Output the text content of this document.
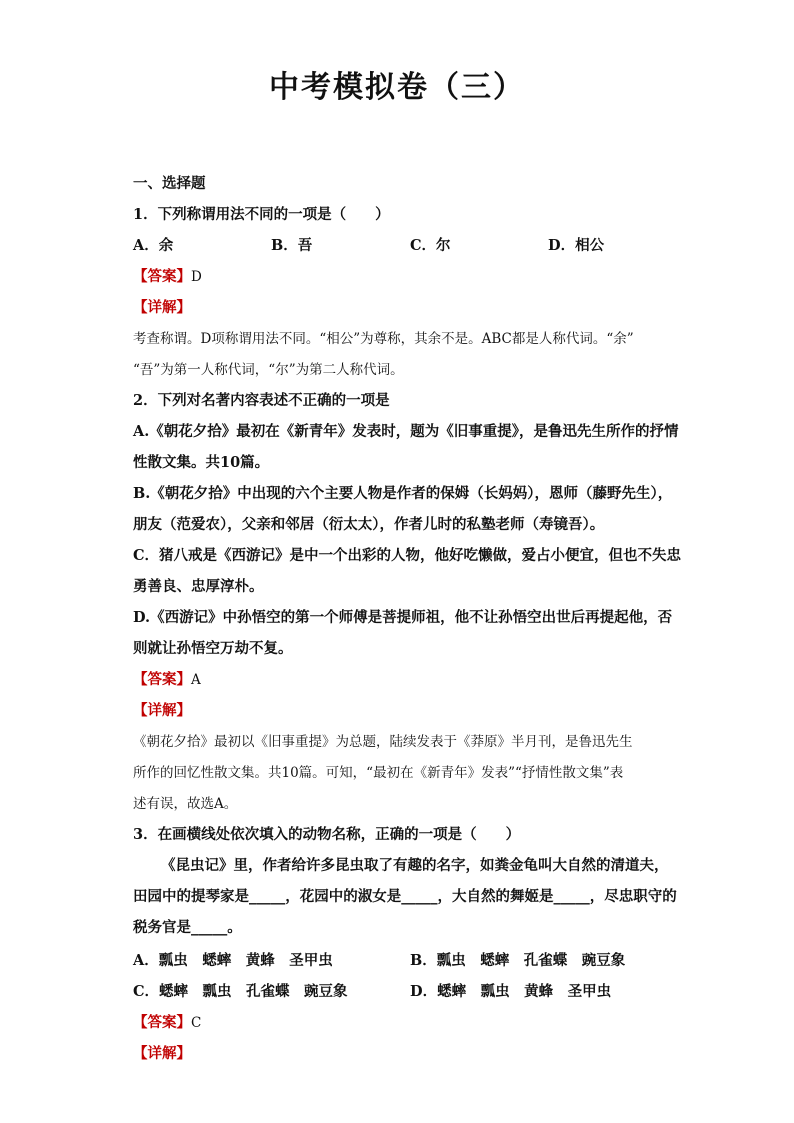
中考模拟卷（三）
一、选择题
1．下列称谓用法不同的一项是（　　）
A．余	B．吾	C．尔	D．相公
【答案】D
【详解】
考查称谓。D项称谓用法不同。“相公”为尊称，其余不是。ABC都是人称代词。“余”
“吾”为第一人称代词，“尔”为第二人称代词。
2．下列对名著内容表述不正确的一项是
A.《朝花夕拾》最初在《新青年》发表时，题为《旧事重提》，是鲁迅先生所作的抒情
性散文集。共10篇。
B.《朝花夕拾》中出现的六个主要人物是作者的保姆（长妈妈），恩师（藤野先生），
朋友（范爱农），父亲和邻居（衍太太），作者儿时的私塾老师（寿镜吾）。
C．猪八戒是《西游记》是中一个出彩的人物，他好吃懒做，爱占小便宜，但也不失忠
勇善良、忠厚淳朴。
D.《西游记》中孙悟空的第一个师傅是菩提师祖，他不让孙悟空出世后再提起他，否
则就让孙悟空万劫不复。
【答案】A
【详解】
《朝花夕拾》最初以《旧事重提》为总题，陆续发表于《莽原》半月刊，是鲁迅先生
所作的回忆性散文集。共10篇。可知，“最初在《新青年》发表”“抒情性散文集”表
述有误，故选A。
3．在画横线处依次填入的动物名称，正确的一项是（　　）
《昆虫记》里，作者给许多昆虫取了有趣的名字，如粪金龟叫大自然的清道夫，
田园中的提琴家是_____，花园中的淑女是_____，大自然的舞姬是_____，尽忠职守的
税务官是_____。
A．瓢虫　蟋蟀　黄蜂　圣甲虫	B．瓢虫　蟋蟀　孔雀蝶　豌豆象
C．蟋蟀　瓢虫　孔雀蝶　豌豆象	D．蟋蟀　瓢虫　黄蜂　圣甲虫
【答案】C
【详解】
